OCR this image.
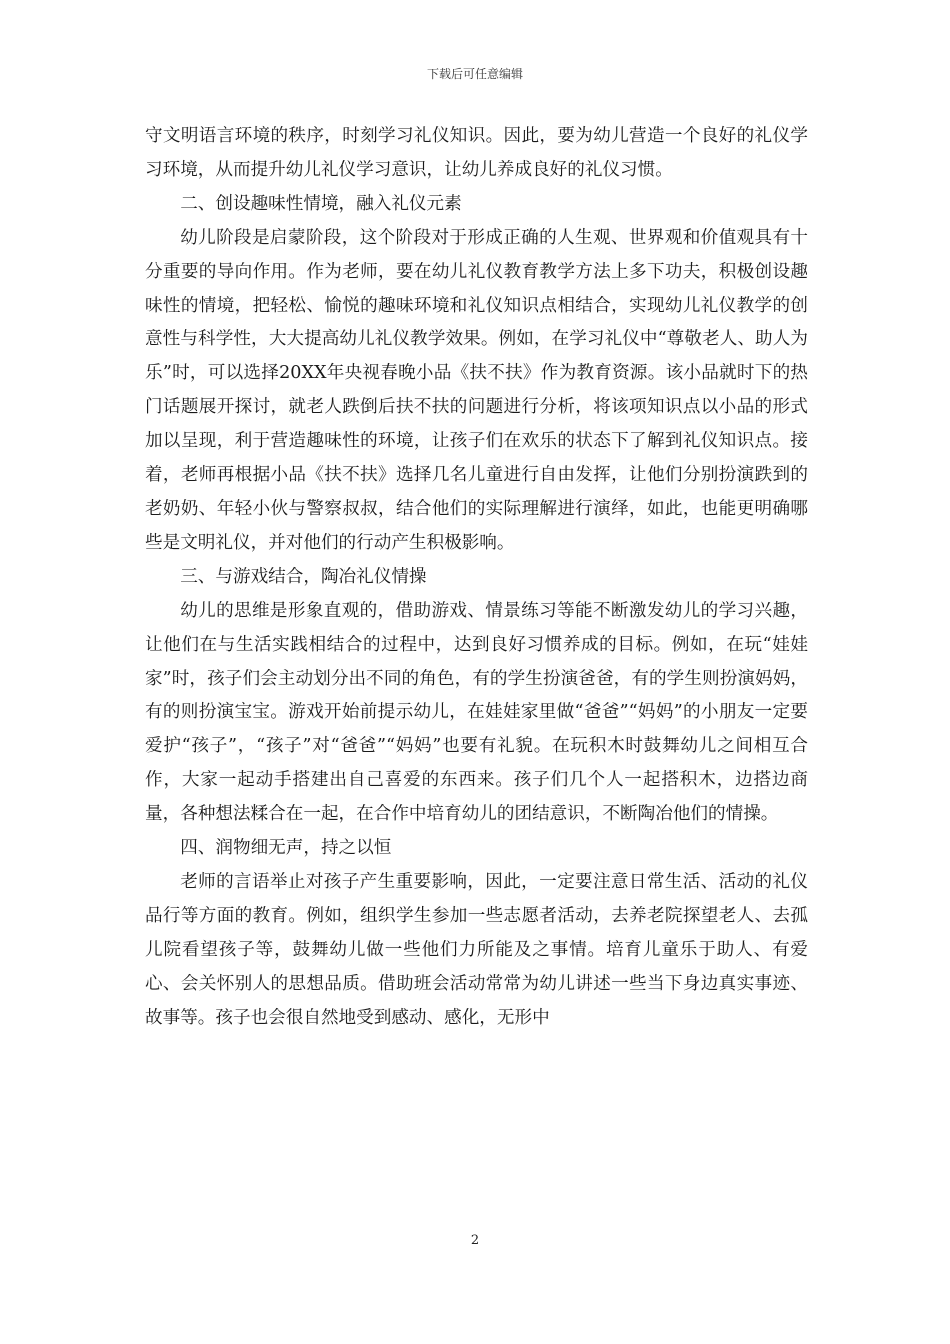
下载后可任意编辑

守文明语言环境的秩序，时刻学习礼仪知识。因此，要为幼儿营造一个良好的礼仪学习环境，从而提升幼儿礼仪学习意识，让幼儿养成良好的礼仪习惯。

二、创设趣味性情境，融入礼仪元素

幼儿阶段是启蒙阶段，这个阶段对于形成正确的人生观、世界观和价值观具有十分重要的导向作用。作为老师，要在幼儿礼仪教育教学方法上多下功夫，积极创设趣味性的情境，把轻松、愉悦的趣味环境和礼仪知识点相结合，实现幼儿礼仪教学的创意性与科学性，大大提高幼儿礼仪教学效果。例如，在学习礼仪中“尊敬老人、助人为乐”时，可以选择20XX年央视春晚小品《扶不扶》作为教育资源。该小品就时下的热门话题展开探讨，就老人跌倒后扶不扶的问题进行分析，将该项知识点以小品的形式加以呈现，利于营造趣味性的环境，让孩子们在欢乐的状态下了解到礼仪知识点。接着，老师再根据小品《扶不扶》选择几名儿童进行自由发挥，让他们分别扮演跌到的老奶奶、年轻小伙与警察叔叔，结合他们的实际理解进行演绎，如此，也能更明确哪些是文明礼仪，并对他们的行动产生积极影响。

三、与游戏结合，陶冶礼仪情操

幼儿的思维是形象直观的，借助游戏、情景练习等能不断激发幼儿的学习兴趣，让他们在与生活实践相结合的过程中，达到良好习惯养成的目标。例如，在玩“娃娃家”时，孩子们会主动划分出不同的角色，有的学生扮演爸爸，有的学生则扮演妈妈，有的则扮演宝宝。游戏开始前提示幼儿，在娃娃家里做“爸爸”“妈妈”的小朋友一定要爱护“孩子”，“孩子”对“爸爸”“妈妈”也要有礼貌。在玩积木时鼓舞幼儿之间相互合作，大家一起动手搭建出自己喜爱的东西来。孩子们几个人一起搭积木，边搭边商量，各种想法糅合在一起，在合作中培育幼儿的团结意识，不断陶冶他们的情操。

四、润物细无声，持之以恒

老师的言语举止对孩子产生重要影响，因此，一定要注意日常生活、活动的礼仪品行等方面的教育。例如，组织学生参加一些志愿者活动，去养老院探望老人、去孤儿院看望孩子等，鼓舞幼儿做一些他们力所能及之事情。培育儿童乐于助人、有爱心、会关怀别人的思想品质。借助班会活动常常为幼儿讲述一些当下身边真实事迹、故事等。孩子也会很自然地受到感动、感化，无形中

2
